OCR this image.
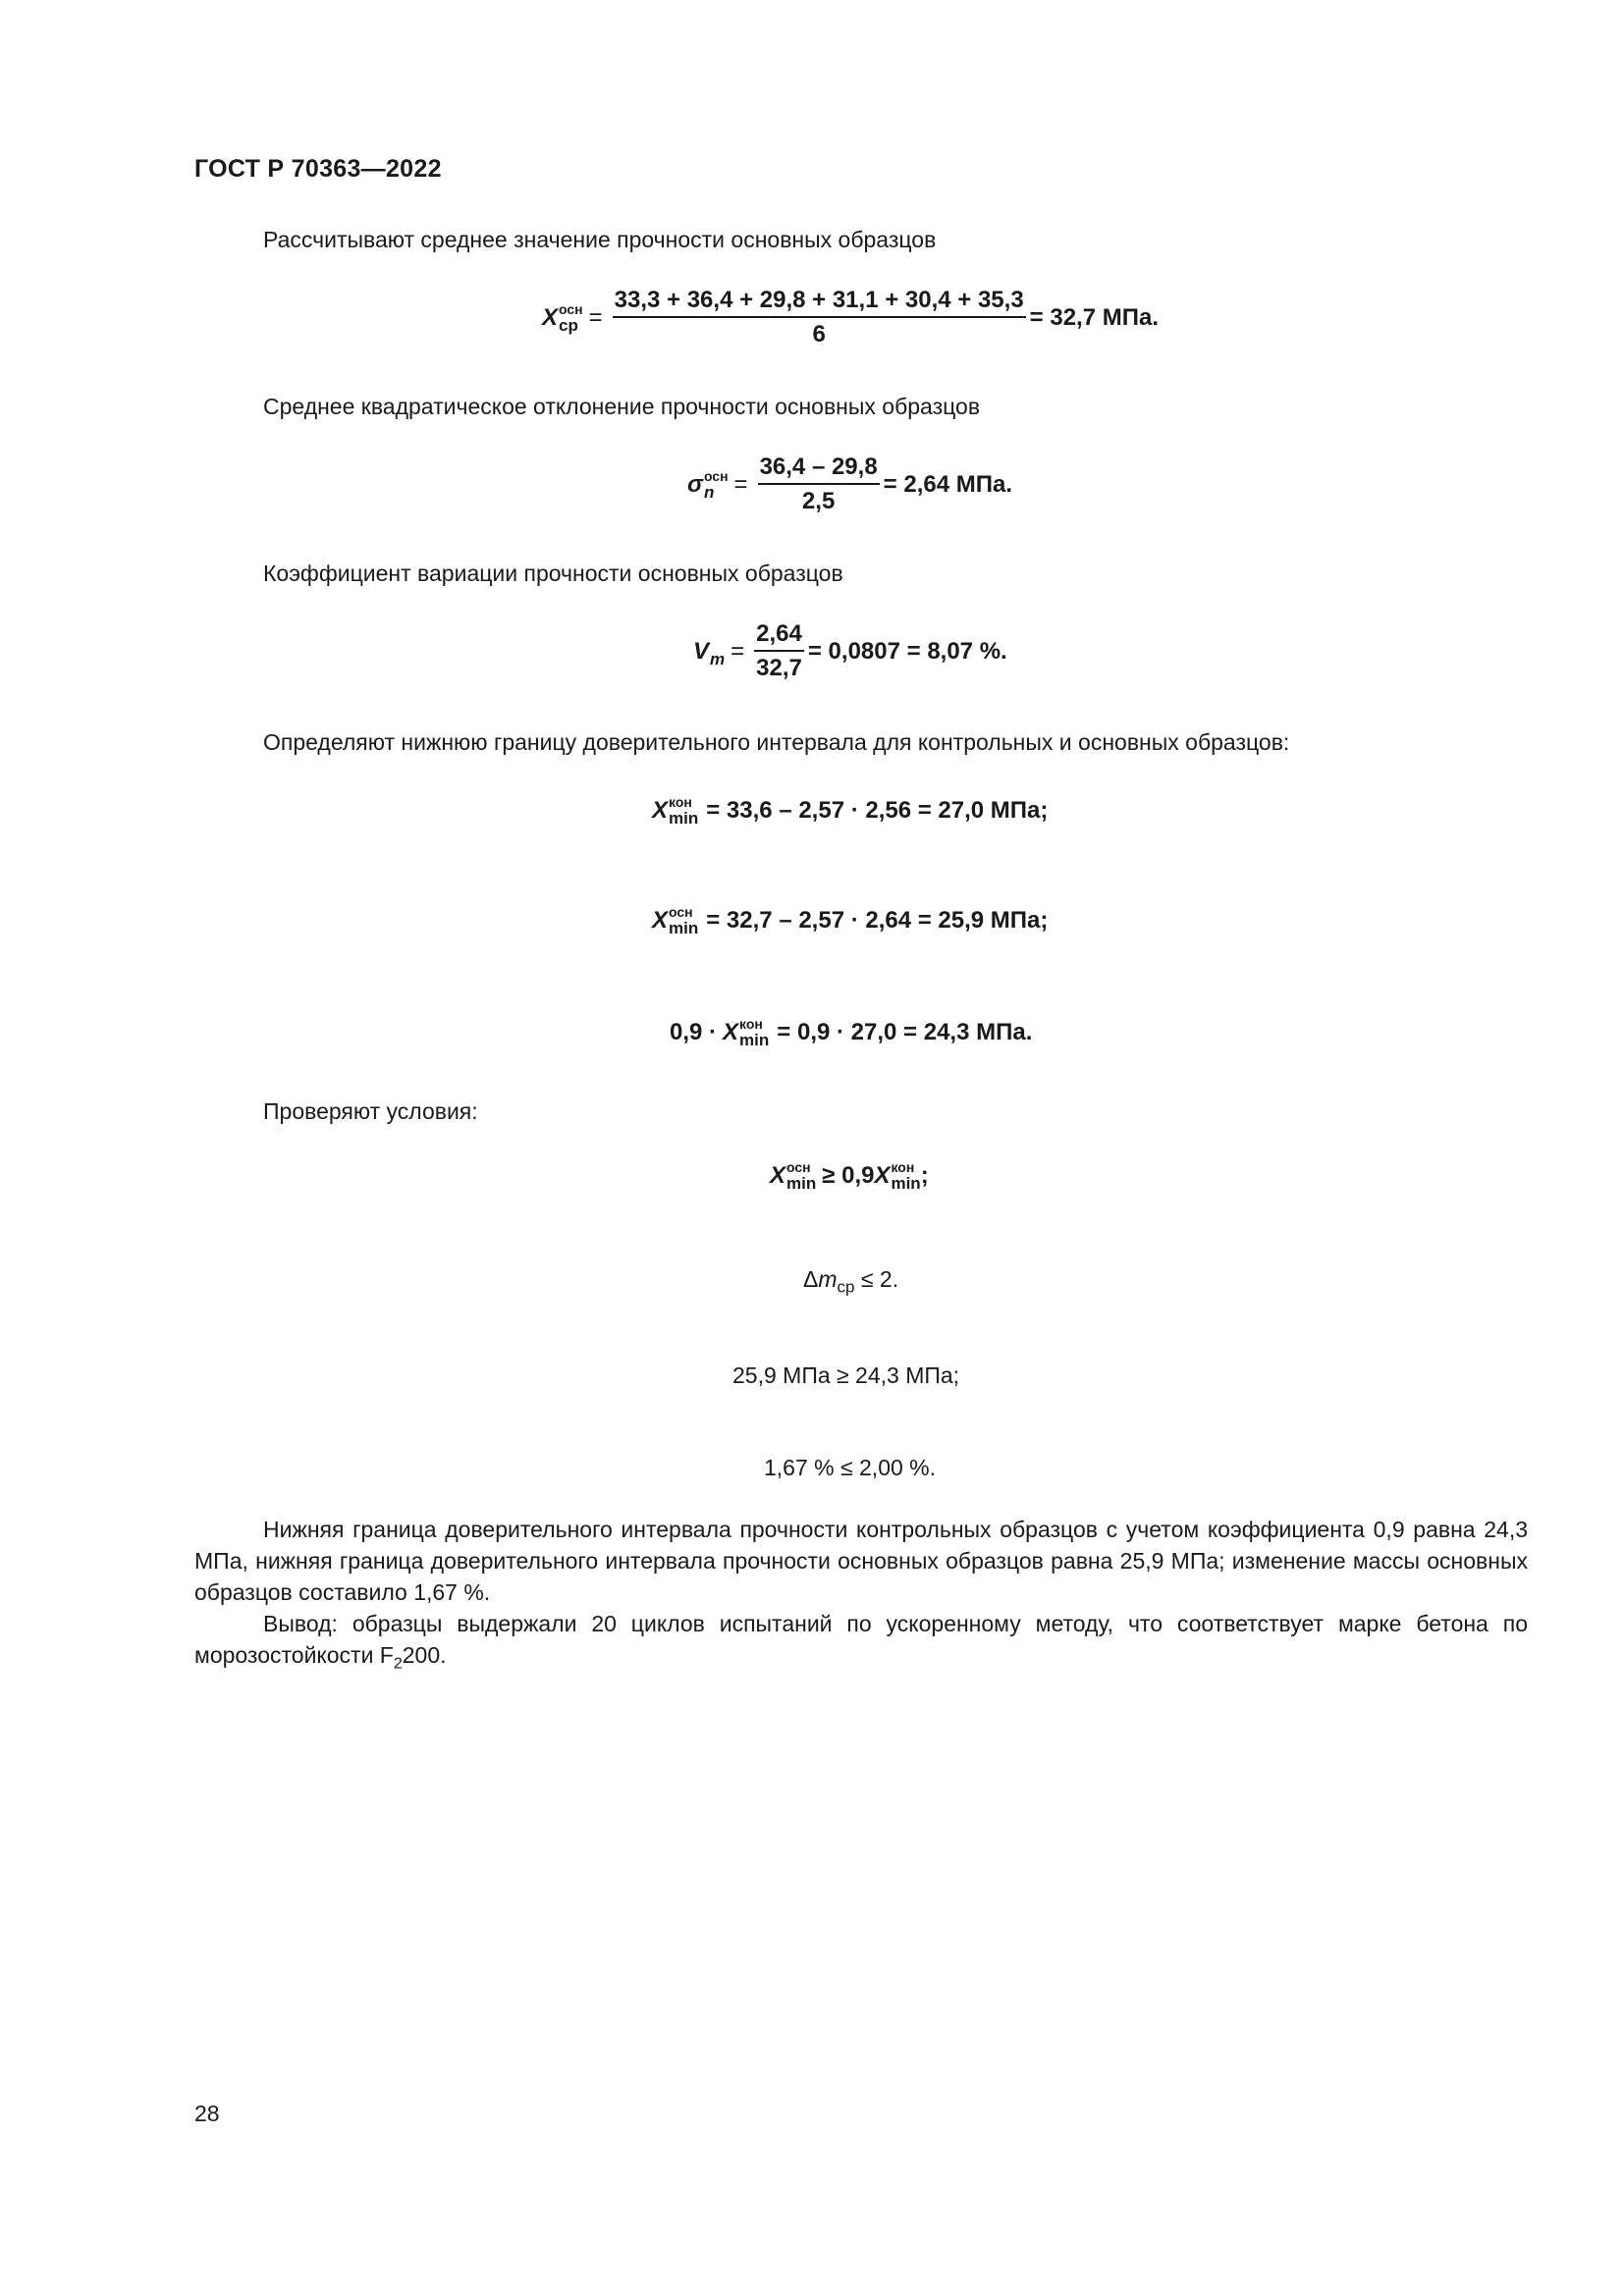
ГОСТ Р 70363—2022
Рассчитывают среднее значение прочности основных образцов
X осн
ср = $\frac{33,3 + 36,4 + 29,8 + 31,1 + 30,4 + 35,3}{6} = 32,7$ МПа.
Среднее квадратическое отклонение прочности основных образцов
σ осн
$n = \frac{36,4 - 29,8}{2,5} = 2,64$ МПа.
Коэффициент вариации прочности основных образцов
V $m = \frac{2,64}{32,7} = 0,0807 = 8,07$ %.
Определяют нижнюю границу доверительного интервала для контрольных и основных образцов:
X кон
min = 33,6 – 2,57 · 2,56 = 27,0 МПа;
X осн
min = 32,7 – 2,57 · 2,64 = 25,9 МПа;
0,9 · X кон
min = 0,9 · 27,0 = 24,3 МПа.
Проверяют условия:
X осн
min ≥ 0,9 X кон
min ;
$\Delta m_{ср} \le 2$.
25,9 МПа ≥ 24,3 МПа;
1,67 % ≤ 2,00 %.
Нижняя граница доверительного интервала прочности контрольных образцов с учетом коэффициента 0,9 равна 24,3 МПа, нижняя граница доверительного интервала прочности основных образцов равна 25,9 МПа; изменение массы основных образцов составило 1,67 %.
Вывод: образцы выдержали 20 циклов испытаний по ускоренному методу, что соответствует марке бетона по морозостойкости $F_2200$.
28
